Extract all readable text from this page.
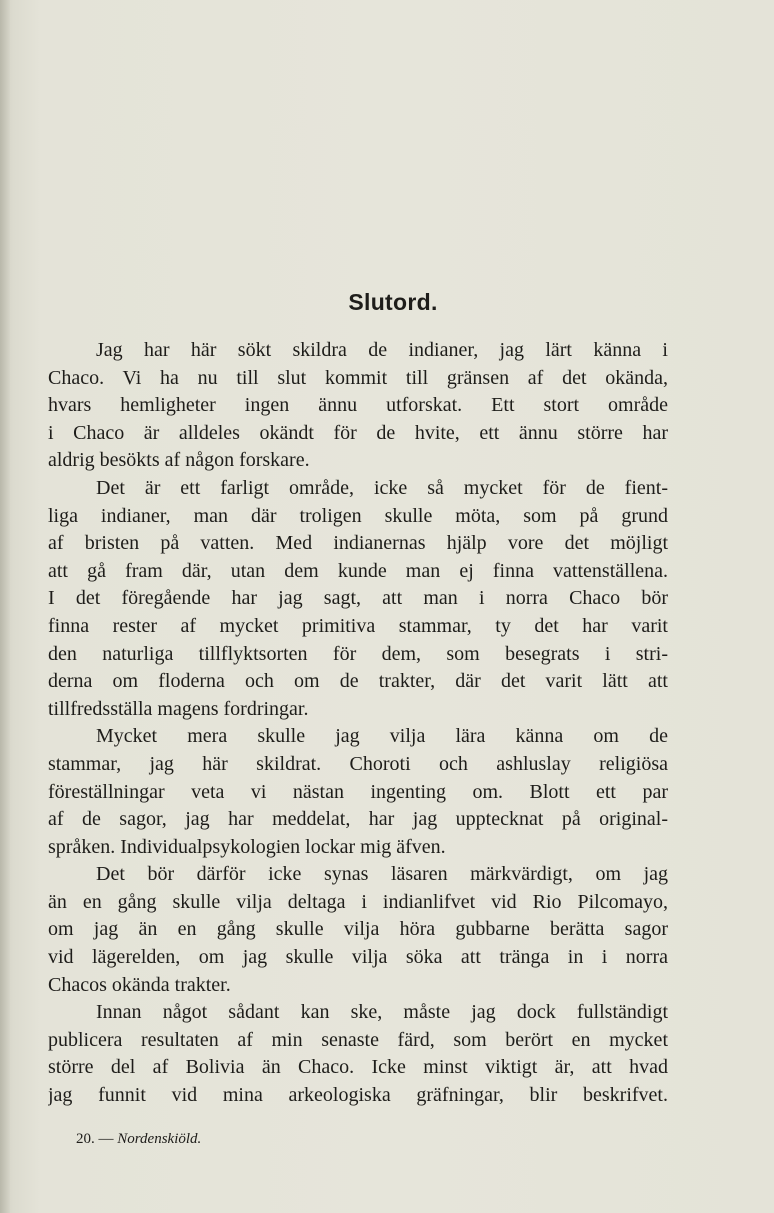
Slutord.
Jag har här sökt skildra de indianer, jag lärt känna i
Chaco. Vi ha nu till slut kommit till gränsen af det okända,
hvars hemligheter ingen ännu utforskat. Ett stort område
i Chaco är alldeles okändt för de hvite, ett ännu större har
aldrig besökts af någon forskare.
Det är ett farligt område, icke så mycket för de fient-
liga indianer, man där troligen skulle möta, som på grund
af bristen på vatten. Med indianernas hjälp vore det möjligt
att gå fram där, utan dem kunde man ej finna vattenställena.
I det föregående har jag sagt, att man i norra Chaco bör
finna rester af mycket primitiva stammar, ty det har varit
den naturliga tillflyktsorten för dem, som besegrats i stri-
derna om floderna och om de trakter, där det varit lätt att
tillfredsställa magens fordringar.
Mycket mera skulle jag vilja lära känna om de
stammar, jag här skildrat. Choroti och ashluslay religiösa
föreställningar veta vi nästan ingenting om. Blott ett par
af de sagor, jag har meddelat, har jag upptecknat på original-
språken. Individualpsykologien lockar mig äfven.
Det bör därför icke synas läsaren märkvärdigt, om jag
än en gång skulle vilja deltaga i indianlifvet vid Rio Pilcomayo,
om jag än en gång skulle vilja höra gubbarne berätta sagor
vid lägerelden, om jag skulle vilja söka att tränga in i norra
Chacos okända trakter.
Innan något sådant kan ske, måste jag dock fullständigt
publicera resultaten af min senaste färd, som berört en mycket
större del af Bolivia än Chaco. Icke minst viktigt är, att hvad
jag funnit vid mina arkeologiska gräfningar, blir beskrifvet.
20. — Nordenskiöld.
